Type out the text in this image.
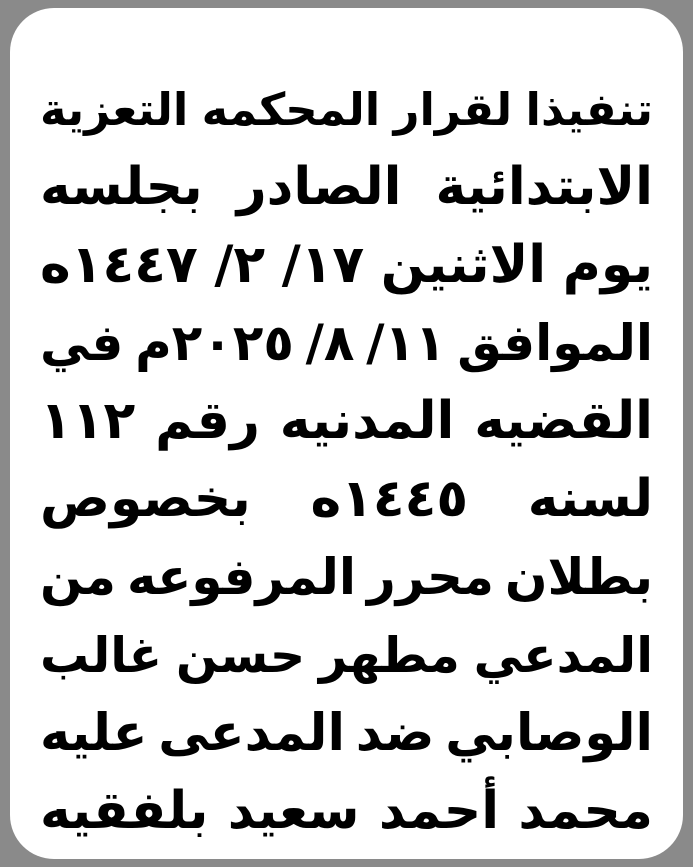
تنفيذا
لقرار
المحكمه
التعزية
الابتدائية
الصادر
بجلسه
يوم
الاثنين
١٧/
٢/
١٤٤٧ه
الموافق
١١/
٨/
٢٠٢٥م
في
القضيه
المدنيه
رقم
١١٢
لسنه
١٤٤٥ه
بخصوص
بطلان
محرر
المرفوعه
من
المدعي
مطهر
حسن
غالب
الوصابي
ضد
المدعى
عليه
محمد
أحمد
سعيد
بلفقيه
